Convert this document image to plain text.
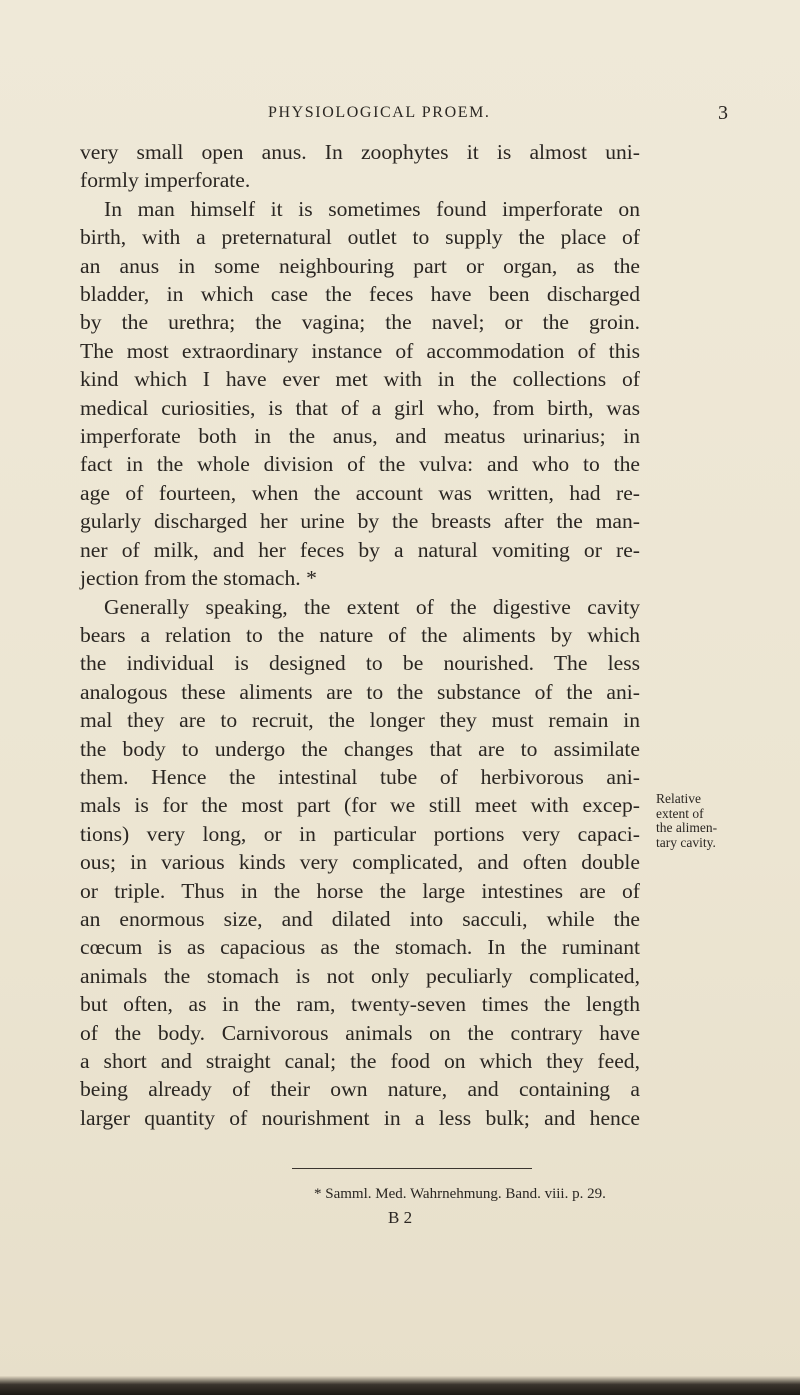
PHYSIOLOGICAL PROEM.	3
very small open anus. In zoophytes it is almost uni-
formly imperforate.
In man himself it is sometimes found imperforate on
birth, with a preternatural outlet to supply the place of
an anus in some neighbouring part or organ, as the
bladder, in which case the feces have been discharged
by the urethra; the vagina; the navel; or the groin.
The most extraordinary instance of accommodation of this
kind which I have ever met with in the collections of
medical curiosities, is that of a girl who, from birth, was
imperforate both in the anus, and meatus urinarius; in
fact in the whole division of the vulva: and who to the
age of fourteen, when the account was written, had re-
gularly discharged her urine by the breasts after the man-
ner of milk, and her feces by a natural vomiting or re-
jection from the stomach. *
Generally speaking, the extent of the digestive cavity
bears a relation to the nature of the aliments by which
the individual is designed to be nourished. The less
analogous these aliments are to the substance of the ani-
mal they are to recruit, the longer they must remain in
the body to undergo the changes that are to assimilate
them. Hence the intestinal tube of herbivorous ani-
mals is for the most part (for we still meet with excep-
tions) very long, or in particular portions very capaci-
ous; in various kinds very complicated, and often double
or triple. Thus in the horse the large intestines are of
an enormous size, and dilated into sacculi, while the
cœcum is as capacious as the stomach. In the ruminant
animals the stomach is not only peculiarly complicated,
but often, as in the ram, twenty-seven times the length
of the body. Carnivorous animals on the contrary have
a short and straight canal; the food on which they feed,
being already of their own nature, and containing a
larger quantity of nourishment in a less bulk; and hence
Relative
extent of
the alimen-
tary cavity.
* Samml. Med. Wahrnehmung. Band. viii. p. 29.
B 2
